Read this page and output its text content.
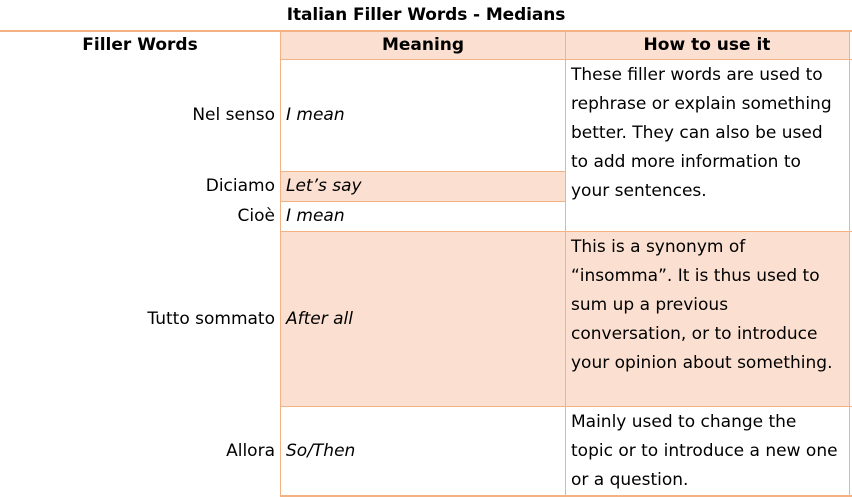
Italian Filler Words - Medians
Filler Words	Meaning	How to use it
Nel senso I mean
Diciamo Let’s say
Cioè I mean
These filler words are used to rephrase or explain something better. They can also be used to add more information to your sentences.
Tutto sommato After all
This is a synonym of “insomma”. It is thus used to sum up a previous conversation, or to introduce your opinion about something.
Allora So/Then
Mainly used to change the topic or to introduce a new one or a question.
